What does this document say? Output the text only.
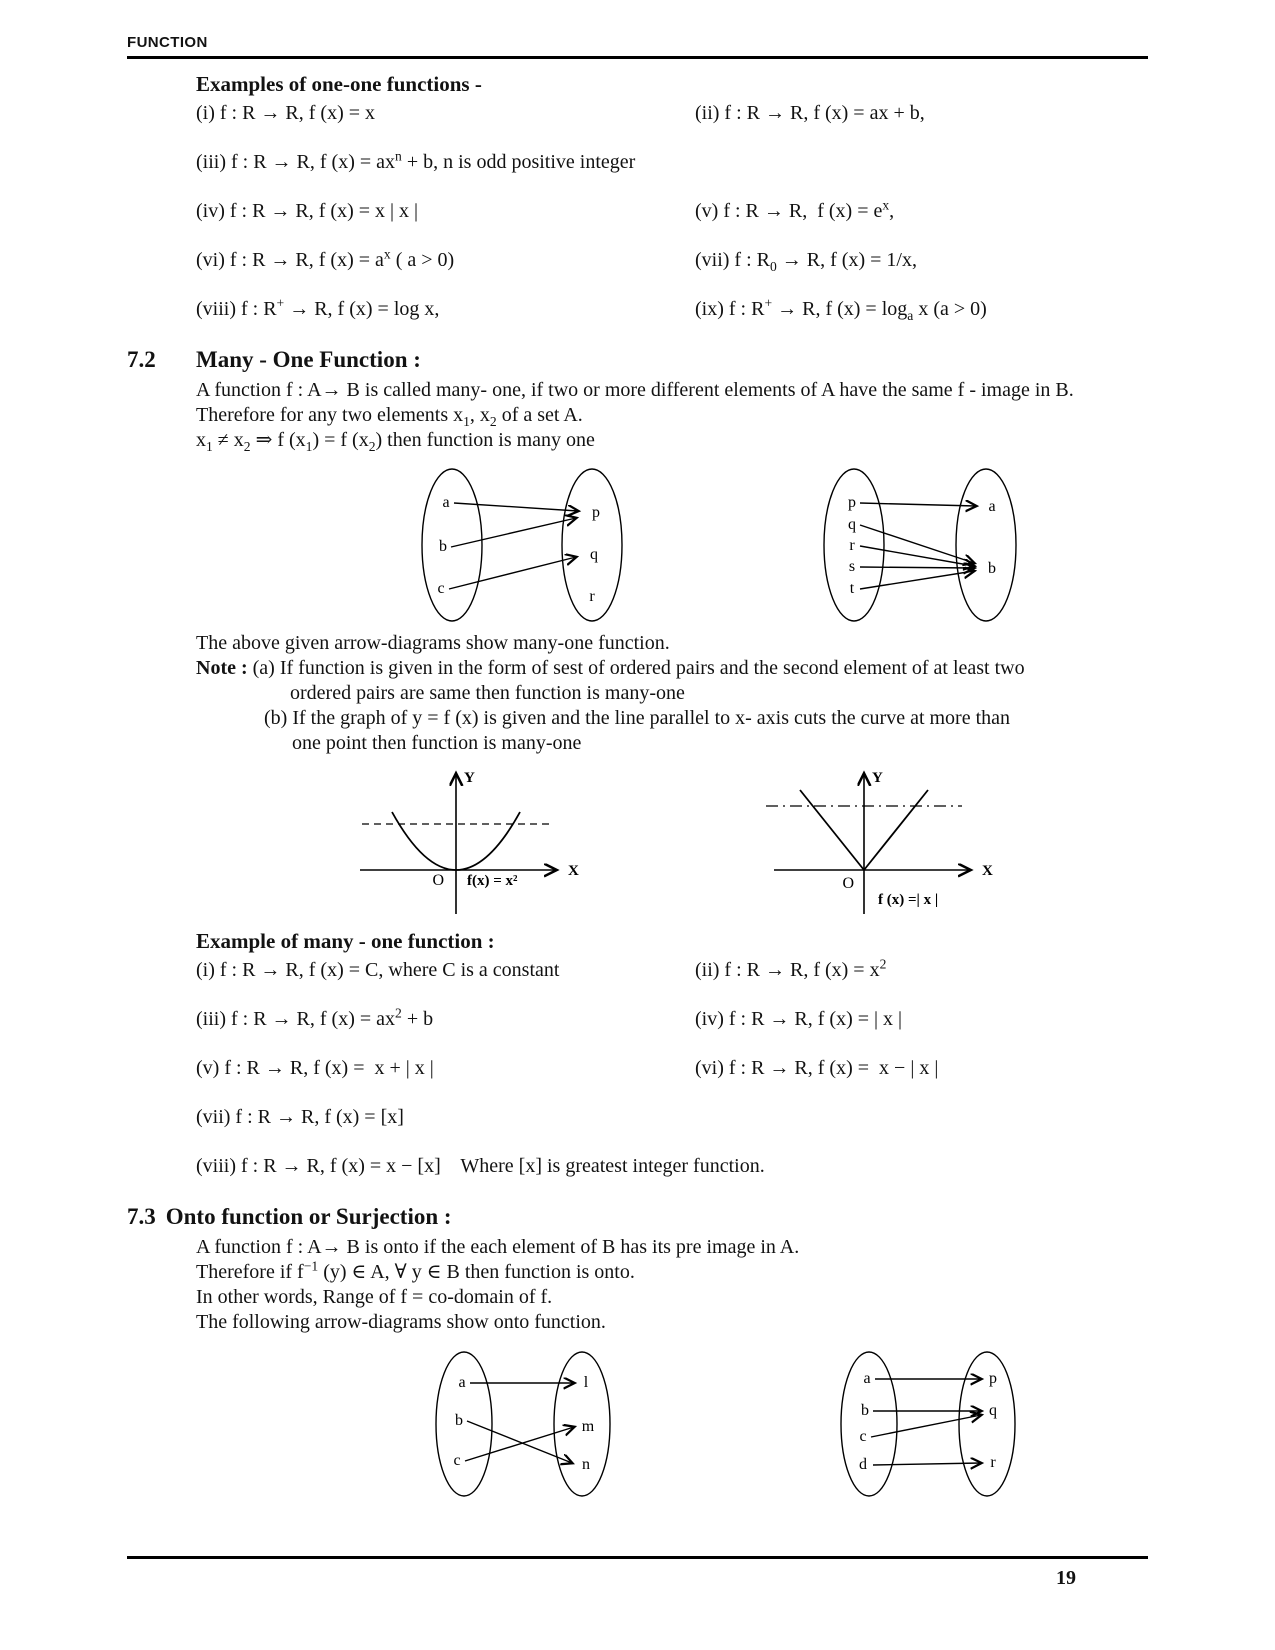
FUNCTION
Examples of one-one functions -
(i) f : R → R, f (x) = x	(ii) f : R → R, f (x) = ax + b,
(iii) f : R → R, f $(x) = ax^n + b$, n is odd positive integer
(iv) f : R → R, f (x) = x | x |	(v) f : R → R,  f $(x) = e^x$,
(vi) f : R → R, f $(x) = a^x$ ( a > 0)	(vii) f : $R_0 \to R$, f (x) = 1/x,
(viii) f : R+ → R, f (x) = log x,	(ix) f : R+ → R, f $(x) = \log_a x$ (a > 0)
7.2	Many - One Function :
A function f : A→ B is called many- one, if two or more different elements of A have the same f - image in B.
Therefore for any two elements $x_1$, $x_2$ of a set A.
$x_1 \ne x_2$ ⇒ f $(x_1) = f$ $(x_2)$ then function is many one
a
b
c
p
q
r
p
q
r
s
t
a
b
The above given arrow-diagrams show many-one function.
Note : (a) If function is given in the form of sest of ordered pairs and the second element of at least two
ordered pairs are same then function is many-one
(b) If the graph of y = f (x) is given and the line parallel to x- axis cuts the curve at more than
one point then function is many-one
Y
X
O f(x) = x²
Y
X
O
f (x) =| x |
Example of many - one function :
(i) f : R → R, f (x) = C, where C is a constant	(ii) f : R → R, f $(x) = x^2$
(iii) f : R → R, f $(x) = ax^2 + b$	(iv) f : R → R, f (x) = | x |
(v) f : R → R, f (x) =  x + | x |	(vi) f : R → R, f (x) =  x − | x |
(vii) f : R → R, f (x) = [x]
(viii) f : R → R, f (x) = x − [x]    Where [x] is greatest integer function.
7.3 Onto function or Surjection :
A function f : A→ B is onto if the each element of B has its pre image in A.
Therefore if $f^{-1}$ (y) ∈ A, ∀ y ∈ B then function is onto.
In other words, Range of f = co-domain of f.
The following arrow-diagrams show onto function.
a
b
c
l
m
n
a
b
c
d
p
q
r
19
